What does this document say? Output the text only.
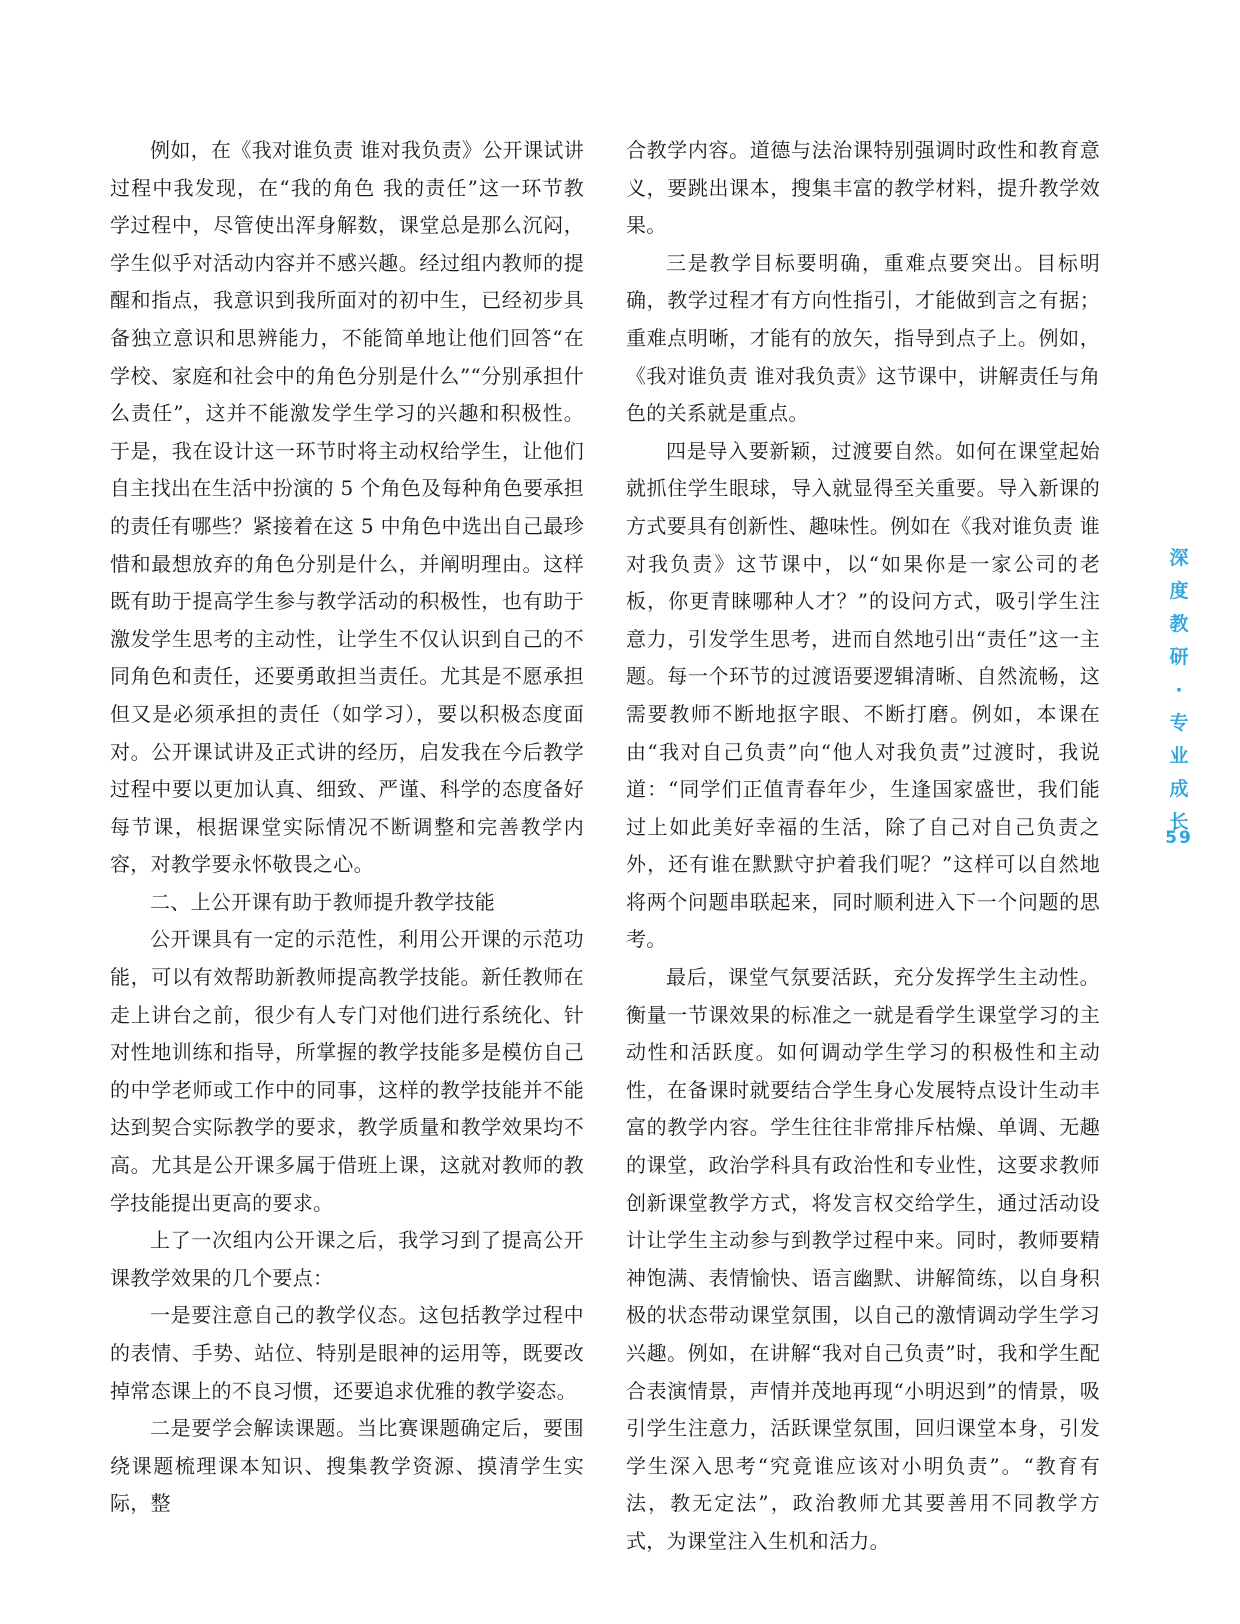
例如，在《我对谁负责 谁对我负责》公开课试讲过程中我发现，在“我的角色 我的责任”这一环节教学过程中，尽管使出浑身解数，课堂总是那么沉闷，学生似乎对活动内容并不感兴趣。经过组内教师的提醒和指点，我意识到我所面对的初中生，已经初步具备独立意识和思辨能力，不能简单地让他们回答“在学校、家庭和社会中的角色分别是什么”“分别承担什么责任”，这并不能激发学生学习的兴趣和积极性。于是，我在设计这一环节时将主动权给学生，让他们自主找出在生活中扮演的 5 个角色及每种角色要承担的责任有哪些？紧接着在这 5 中角色中选出自己最珍惜和最想放弃的角色分别是什么，并阐明理由。这样既有助于提高学生参与教学活动的积极性，也有助于激发学生思考的主动性，让学生不仅认识到自己的不同角色和责任，还要勇敢担当责任。尤其是不愿承担但又是必须承担的责任（如学习），要以积极态度面对。公开课试讲及正式讲的经历，启发我在今后教学过程中要以更加认真、细致、严谨、科学的态度备好每节课，根据课堂实际情况不断调整和完善教学内容，对教学要永怀敬畏之心。

二、上公开课有助于教师提升教学技能

公开课具有一定的示范性，利用公开课的示范功能，可以有效帮助新教师提高教学技能。新任教师在走上讲台之前，很少有人专门对他们进行系统化、针对性地训练和指导，所掌握的教学技能多是模仿自己的中学老师或工作中的同事，这样的教学技能并不能达到契合实际教学的要求，教学质量和教学效果均不高。尤其是公开课多属于借班上课，这就对教师的教学技能提出更高的要求。

上了一次组内公开课之后，我学习到了提高公开课教学效果的几个要点：

一是要注意自己的教学仪态。这包括教学过程中的表情、手势、站位、特别是眼神的运用等，既要改掉常态课上的不良习惯，还要追求优雅的教学姿态。

二是要学会解读课题。当比赛课题确定后，要围绕课题梳理课本知识、搜集教学资源、摸清学生实际，整

合教学内容。道德与法治课特别强调时政性和教育意义，要跳出课本，搜集丰富的教学材料，提升教学效果。

三是教学目标要明确，重难点要突出。目标明确，教学过程才有方向性指引，才能做到言之有据；重难点明晰，才能有的放矢，指导到点子上。例如，《我对谁负责 谁对我负责》这节课中，讲解责任与角色的关系就是重点。

四是导入要新颖，过渡要自然。如何在课堂起始就抓住学生眼球，导入就显得至关重要。导入新课的方式要具有创新性、趣味性。例如在《我对谁负责 谁对我负责》这节课中，以“如果你是一家公司的老板，你更青睐哪种人才？”的设问方式，吸引学生注意力，引发学生思考，进而自然地引出“责任”这一主题。每一个环节的过渡语要逻辑清晰、自然流畅，这需要教师不断地抠字眼、不断打磨。例如，本课在由“我对自己负责”向“他人对我负责”过渡时，我说道：“同学们正值青春年少，生逢国家盛世，我们能过上如此美好幸福的生活，除了自己对自己负责之外，还有谁在默默守护着我们呢？”这样可以自然地将两个问题串联起来，同时顺利进入下一个问题的思考。

最后，课堂气氛要活跃，充分发挥学生主动性。衡量一节课效果的标准之一就是看学生课堂学习的主动性和活跃度。如何调动学生学习的积极性和主动性，在备课时就要结合学生身心发展特点设计生动丰富的教学内容。学生往往非常排斥枯燥、单调、无趣的课堂，政治学科具有政治性和专业性，这要求教师创新课堂教学方式，将发言权交给学生，通过活动设计让学生主动参与到教学过程中来。同时，教师要精神饱满、表情愉快、语言幽默、讲解简练，以自身积极的状态带动课堂氛围，以自己的激情调动学生学习兴趣。例如，在讲解“我对自己负责”时，我和学生配合表演情景，声情并茂地再现“小明迟到”的情景，吸引学生注意力，活跃课堂氛围，回归课堂本身，引发学生深入思考“究竟谁应该对小明负责”。“教育有法，教无定法”，政治教师尤其要善用不同教学方式，为课堂注入生机和活力。

深
度
教
研
·
专
业
成
长
59
